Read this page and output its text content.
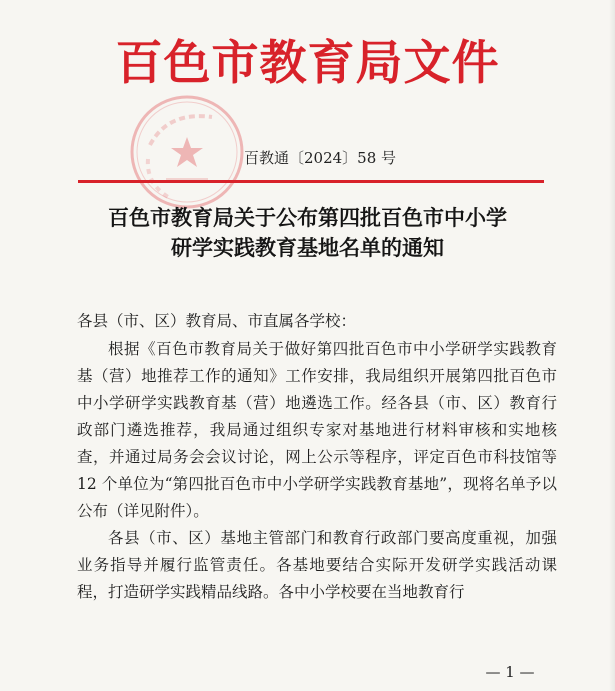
百色市教育局文件
百教通〔2024〕58 号
百色市教育局关于公布第四批百色市中小学
研学实践教育基地名单的通知

各县（市、区）教育局、市直属各学校：

根据《百色市教育局关于做好第四批百色市中小学研学实践教育基（营）地推荐工作的通知》工作安排，我局组织开展第四批百色市中小学研学实践教育基（营）地遴选工作。经各县（市、区）教育行政部门遴选推荐，我局通过组织专家对基地进行材料审核和实地核查，并通过局务会会议讨论，网上公示等程序，评定百色市科技馆等 12 个单位为“第四批百色市中小学研学实践教育基地”，现将名单予以公布（详见附件）。

各县（市、区）基地主管部门和教育行政部门要高度重视，加强业务指导并履行监管责任。各基地要结合实际开发研学实践活动课程，打造研学实践精品线路。各中小学校要在当地教育行

— 1 —
